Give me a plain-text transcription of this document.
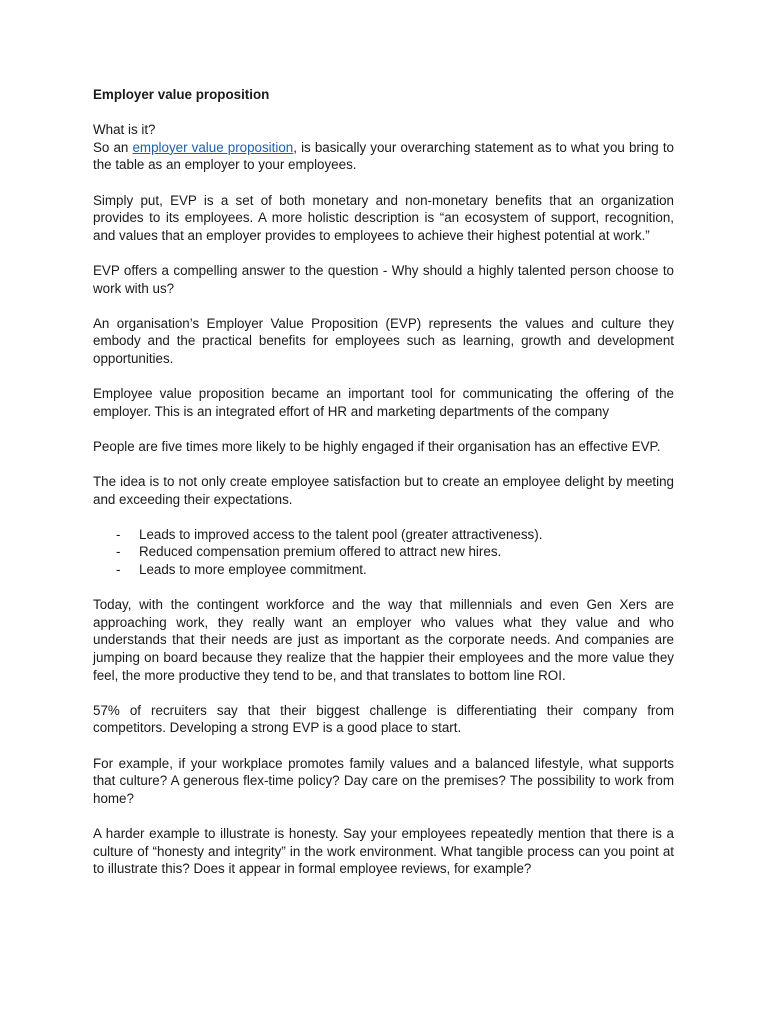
Employer value proposition

What is it?

So an employer value proposition, is basically your overarching statement as to what you bring to the table as an employer to your employees.

Simply put, EVP is a set of both monetary and non-monetary benefits that an organization provides to its employees. A more holistic description is “an ecosystem of support, recognition, and values that an employer provides to employees to achieve their highest potential at work.”

EVP offers a compelling answer to the question - Why should a highly talented person choose to work with us?

An organisation’s Employer Value Proposition (EVP) represents the values and culture they embody and the practical benefits for employees such as learning, growth and development opportunities.

Employee value proposition became an important tool for communicating the offering of the employer. This is an integrated effort of HR and marketing departments of the company

People are five times more likely to be highly engaged if their organisation has an effective EVP.

The idea is to not only create employee satisfaction but to create an employee delight by meeting and exceeding their expectations.

- Leads to improved access to the talent pool (greater attractiveness).
- Reduced compensation premium offered to attract new hires.
- Leads to more employee commitment.

Today, with the contingent workforce and the way that millennials and even Gen Xers are approaching work, they really want an employer who values what they value and who understands that their needs are just as important as the corporate needs. And companies are jumping on board because they realize that the happier their employees and the more value they feel, the more productive they tend to be, and that translates to bottom line ROI.

57% of recruiters say that their biggest challenge is differentiating their company from competitors. Developing a strong EVP is a good place to start.

For example, if your workplace promotes family values and a balanced lifestyle, what supports that culture? A generous flex-time policy? Day care on the premises? The possibility to work from home?

A harder example to illustrate is honesty. Say your employees repeatedly mention that there is a culture of “honesty and integrity” in the work environment. What tangible process can you point at to illustrate this? Does it appear in formal employee reviews, for example?
